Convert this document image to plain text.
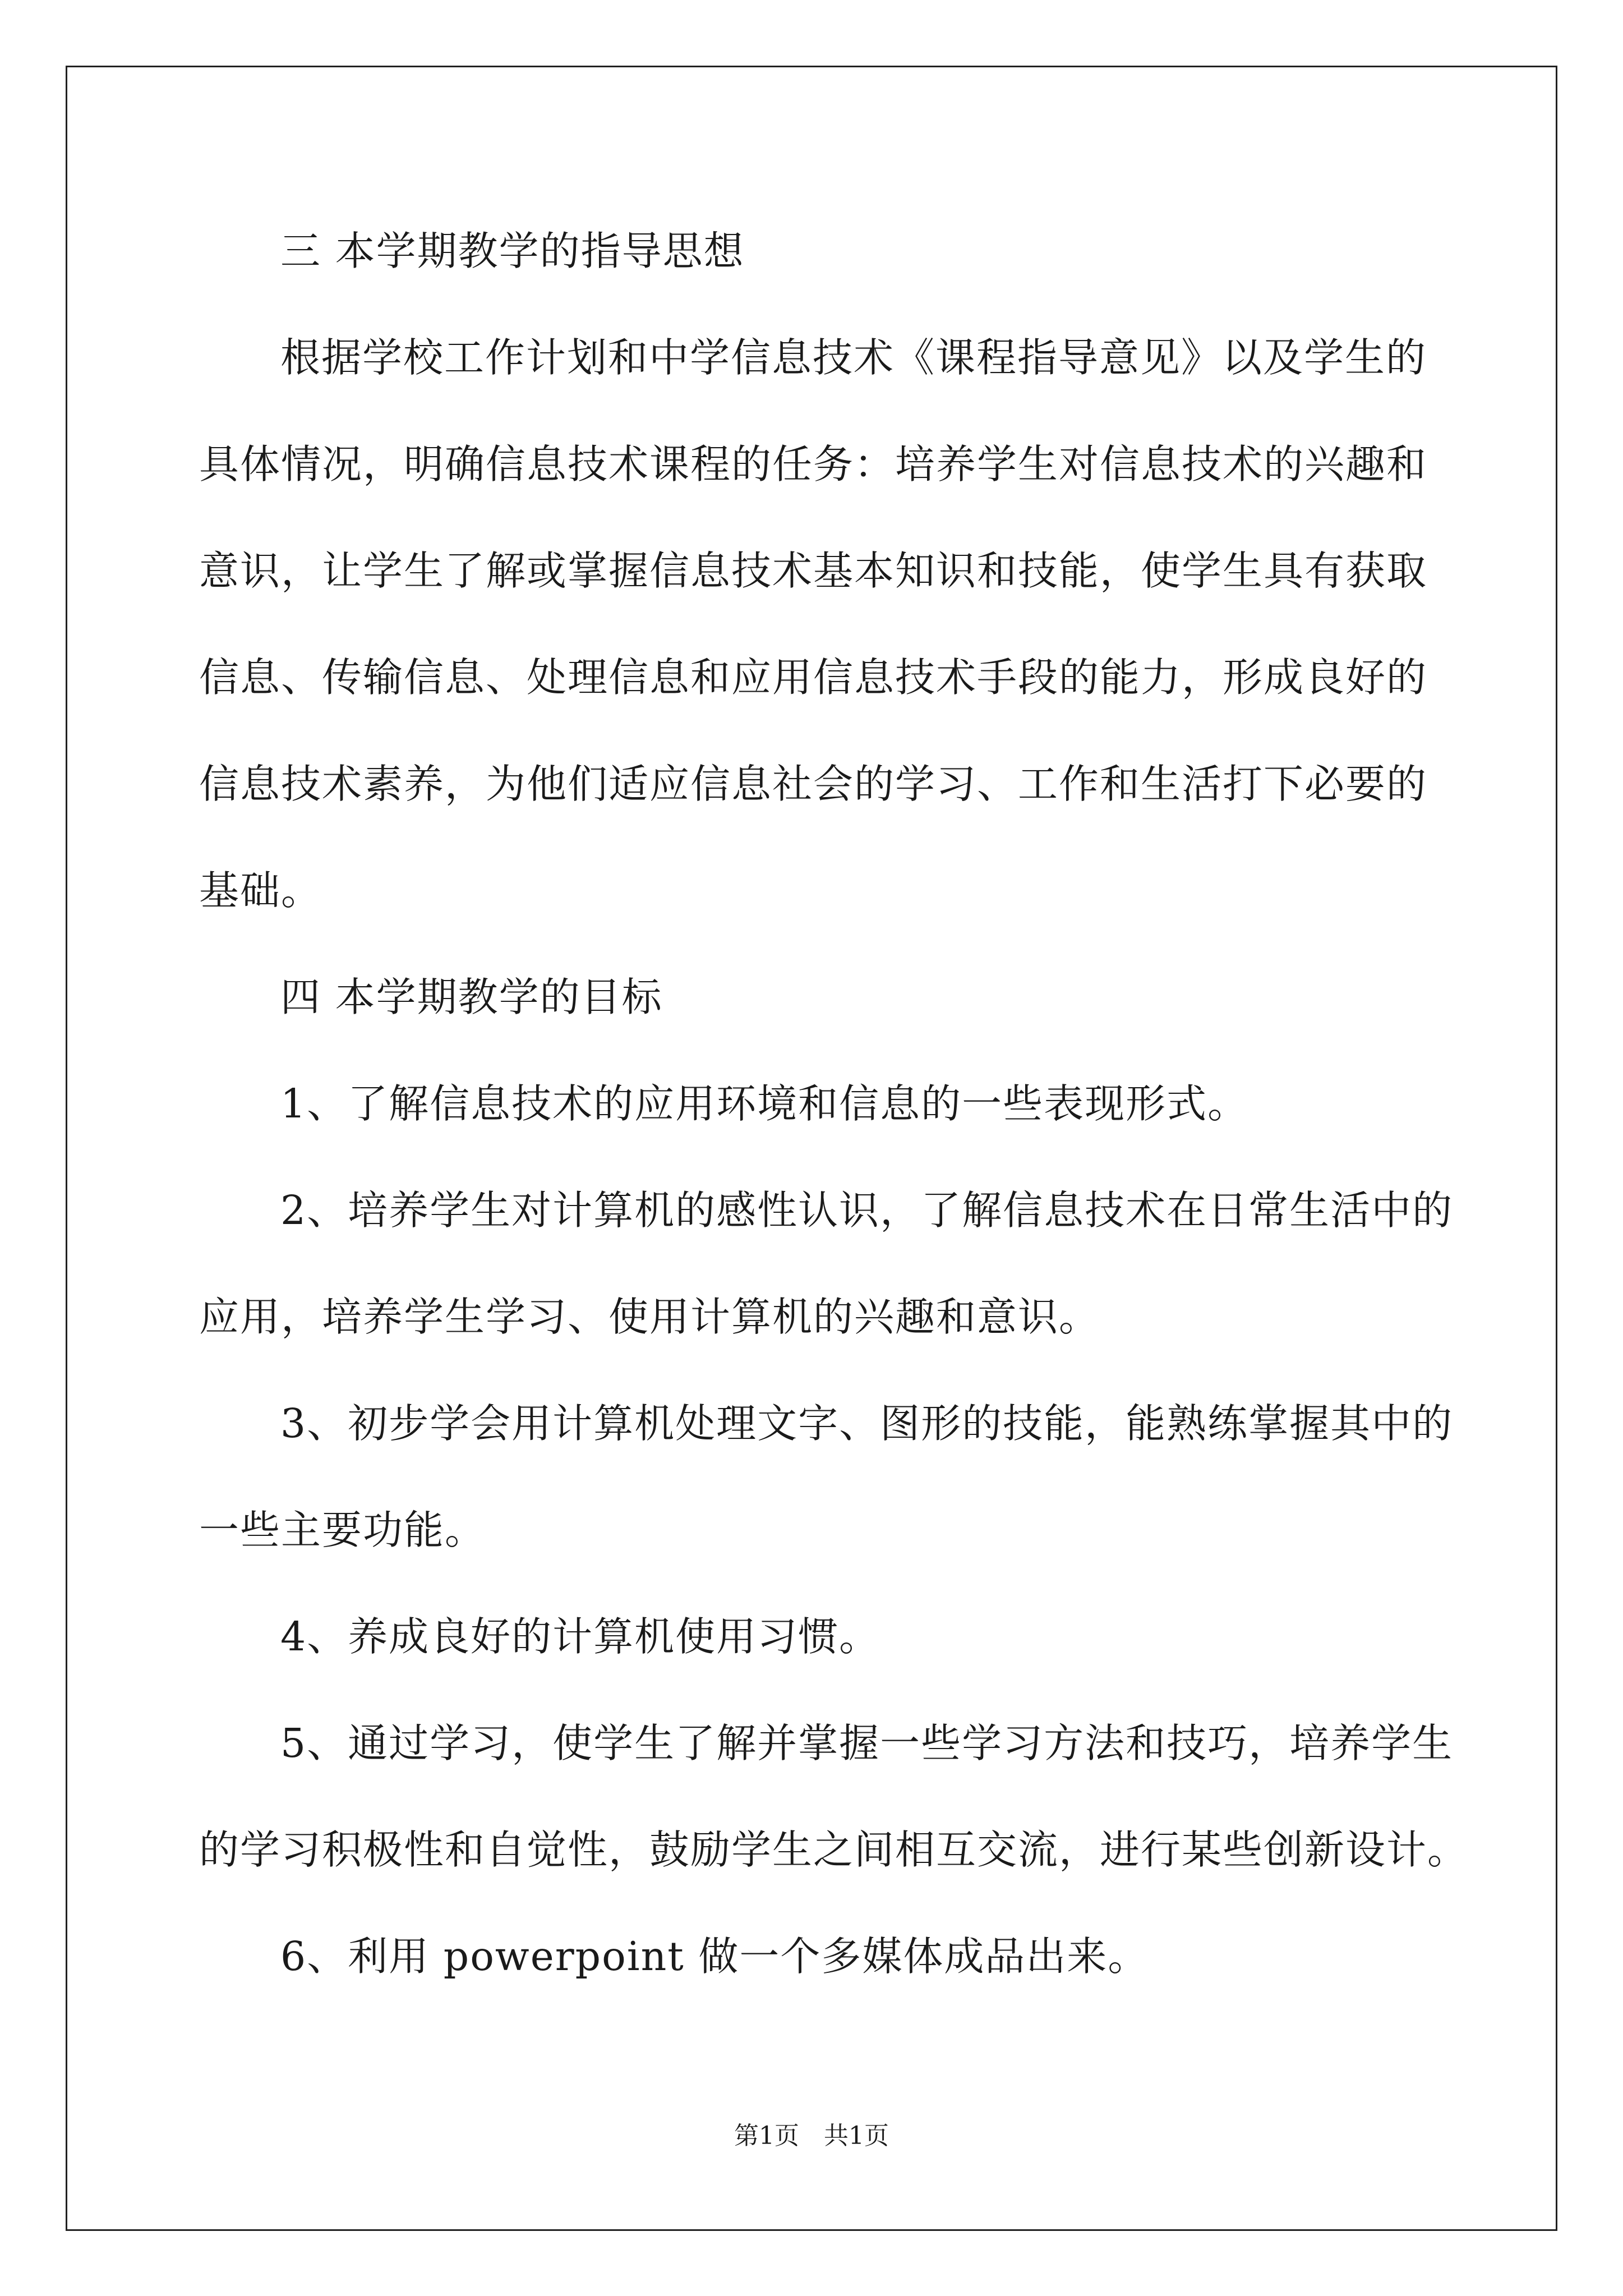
三 本学期教学的指导思想
根据学校工作计划和中学信息技术《课程指导意见》以及学生的
具体情况，明确信息技术课程的任务：培养学生对信息技术的兴趣和
意识，让学生了解或掌握信息技术基本知识和技能，使学生具有获取
信息、传输信息、处理信息和应用信息技术手段的能力，形成良好的
信息技术素养，为他们适应信息社会的学习、工作和生活打下必要的
基础。
四 本学期教学的目标
1、了解信息技术的应用环境和信息的一些表现形式。
2、培养学生对计算机的感性认识，了解信息技术在日常生活中的
应用，培养学生学习、使用计算机的兴趣和意识。
3、初步学会用计算机处理文字、图形的技能，能熟练掌握其中的
一些主要功能。
4、养成良好的计算机使用习惯。
5、通过学习，使学生了解并掌握一些学习方法和技巧，培养学生
的学习积极性和自觉性，鼓励学生之间相互交流，进行某些创新设计。
6、利用 powerpoint 做一个多媒体成品出来。
第1页　共1页
